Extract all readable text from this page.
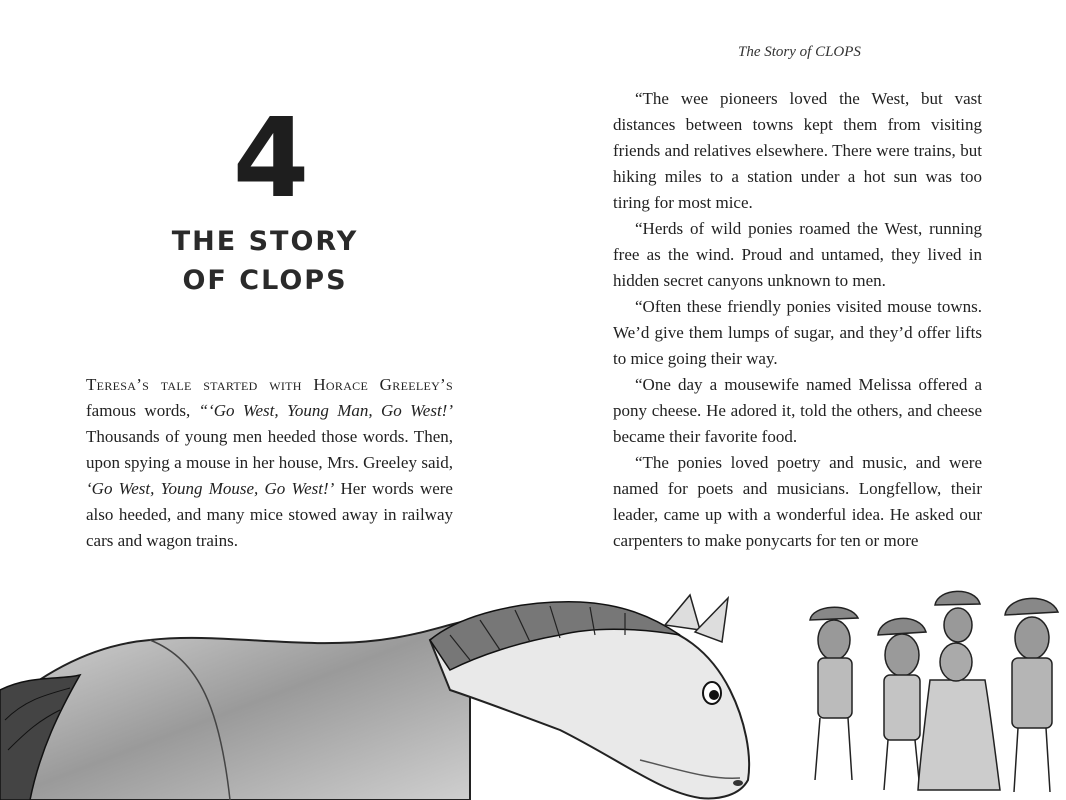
The Story of CLOPS
4
THE STORY
OF CLOPS
Teresa’s tale started with Horace Greeley’s famous words, “‘Go West, Young Man, Go West!’ Thousands of young men heeded those words. Then, upon spying a mouse in her house, Mrs. Greeley said, ‘Go West, Young Mouse, Go West!’ Her words were also heeded, and many mice stowed away in railway cars and wagon trains.

“The wee pioneers loved the West, but vast distances between towns kept them from visiting friends and relatives elsewhere. There were trains, but hiking miles to a station under a hot sun was too tiring for most mice.

“Herds of wild ponies roamed the West, running free as the wind. Proud and untamed, they lived in hidden secret canyons unknown to men.

“Often these friendly ponies visited mouse towns. We’d give them lumps of sugar, and they’d offer lifts to mice going their way.

“One day a mousewife named Melissa offered a pony cheese. He adored it, told the others, and cheese became their favorite food.

“The ponies loved poetry and music, and were named for poets and musicians. Longfellow, their leader, came up with a wonderful idea. He asked our carpenters to make ponycarts for ten or more
